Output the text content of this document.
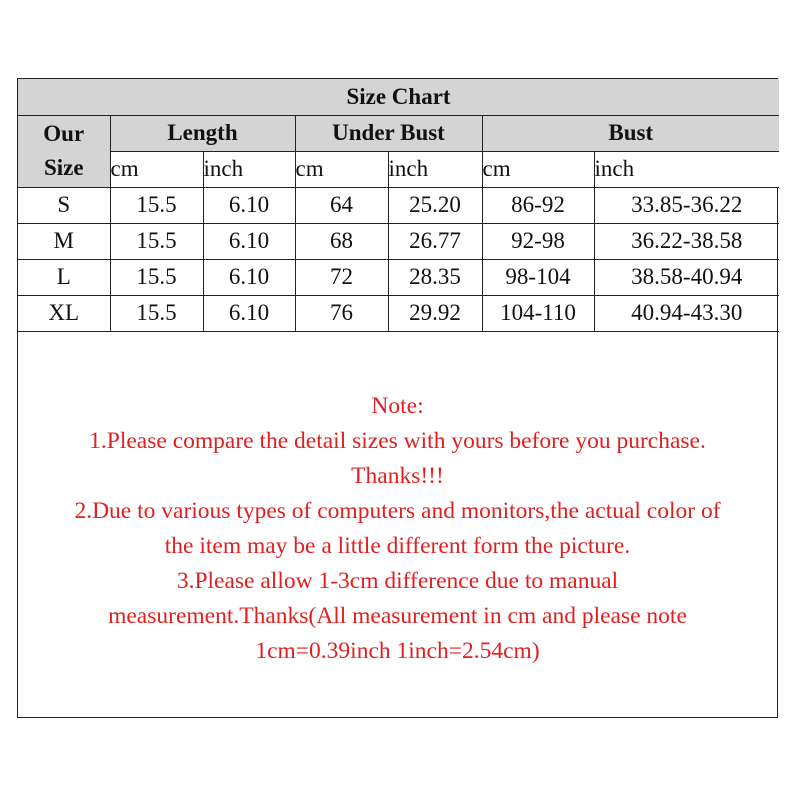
Size Chart						

Our
Size	Length		Under Bust		Bust	
	cm	inch	cm	inch	cm	inch
S	15.5	6.10	64	25.20	86-92	33.85-36.22
M	15.5	6.10	68	26.77	92-98	36.22-38.58
L	15.5	6.10	72	28.35	98-104	38.58-40.94
XL	15.5	6.10	76	29.92	104-110	40.94-43.30
Note:
1.Please compare the detail sizes with yours before you purchase.
Thanks!!!
2.Due to various types of computers and monitors,the actual color of
the item may be a little different form the picture.
3.Please allow 1-3cm difference due to manual
measurement.Thanks(All measurement in cm and please note
1cm=0.39inch 1inch=2.54cm)
